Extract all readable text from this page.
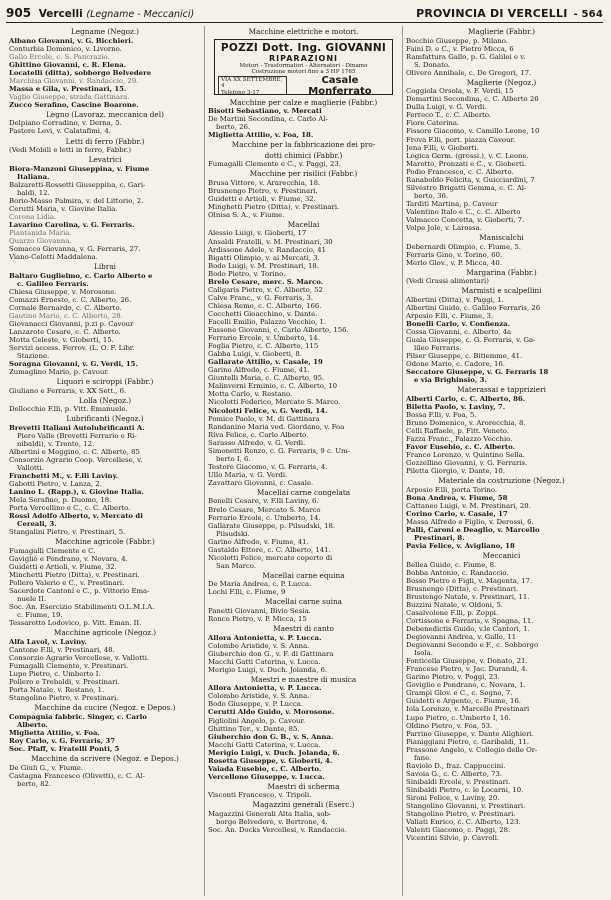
905 Vercelli (Legname - Meccanici)	PROVINCIA DI VERCELLI - 564
Legname (Negoz.)
Albano Giovanni, v. G. Bicchieri.
Conturbia Domenico, v. Livorno.
Gallo Ercole, c. S. Pancrazio.
Ghittino Giovanni, c. R. Elena.
Locatelli (ditta), sobborgo Belvedere
Marchisa Giovanni, v. Randaccio, 29.
Massa e Gila, v. Prestinari, 15.
Vaglio Giuseppe, strada Gattinara.
Zucco Serafino, Cascine Boarone.
Legno (Lavoraz. meccanica del)
Delpiano Corradino, v. Derna, 5.
Pastore Levi, v. Calatafimi, 4.
Letti di ferro (Fabbr.)
(Vedi Mobili e letti in ferro, Fabbr.)
Levatrici
Biora-Manzoni Giuseppina, v. Fiume
Italiana.
Balzaretti-Rossetti Giuseppina, c. Gari-
baldi, 12.
Borio-Masso Palmira, v. del Littorio, 2.
Cerutti Maria, v. Giovine Italia.
Corona Lidia.
Lavarino Carolina, v. G. Ferraris.
Piantanida Maria.
Quarzo Giovanna.
Somacco Giovanna, v. G. Ferraris, 27.
Viano-Celotti Maddalena.
Librai
Baltaro Guglielmo, c. Carlo Alberto e
c. Galileo Ferraris.
Chiesa Giuseppe, v. Morosone.
Comazzi Ernesto, c. C. Alberto, 26.
Cornale Bernardo, c. C. Alberto.
Gautino Mario, c. C. Alberto, 28.
Giovanacci Giovanni, p.zi p. Cavour
Lanzarote Cesare, c. C. Alberto.
Motta Celeste, v. Gioberti, 15.
Servizi access. Ferrov. (L. O. F. Libr.
Stazione.
Soragna Giovanni, v. G. Verdi, 15.
Zumaglino Mario, p. Cavour.
Liquori e sciroppi (Fabbr.)
Giuliano e Ferraris, v. XX Sett., 6.
Lolla (Negoz.)
Dellocchio F.lli, p. Vitt. Emanuele.
Lubrificanti (Negoz.)
Brevetti Italiani Autolubrificanti A.
Piero Valle (Brevetti Ferrario e Ri-
nibaldi), v. Trento, 12.
Albertini e Moggino, c. C. Alberto, 85
Consorzio Agrario Coop. Vercellese, v.
Vallotti.
Franchetti M., v. F.lli Laviny.
Gabotti Pietro, v. Lanza, 2.
Lanino L. (Rapp.), v. Giovine Italia.
Mela Serafino, p. Duomo, 18.
Porta Vercellino e C., c. C. Alberto.
Rossi Adolfo Alberto, v. Mercato di
Cereali, 3.
Stangalini Pietro, v. Prestinari, 5.
Macchine agricole (Fabbr.)
Fumagalli Clemente e C.
Gavigliò e Pondrano, v. Novara, 4.
Guidetti e Artioli, v. Fiume, 32.
Minchetti Pietro (Ditta), v. Prestinari.
Pollero Valerio e C., v. Prestinari.
Sacerdote Cantoni e C., p. Vittorio Ema-
nuele II.
Soc. An. Esercizio Stabilimenti O.L.M.I.A.
c. Fiume, 19.
Tessarotto Lodovico, p. Vitt. Eman. II.
Macchine agricole (Negoz.)
Alfa Lavol, v. Laviny.
Cantone F.lli, v. Prestinari, 48.
Consorzio Agrario Vercellese, v. Vallotti.
Fumagalli Clemente, v. Prestinari.
Lupo Pietro, c. Umberto I.
Pollero e Trebaldi, v. Prestinari.
Porta Natale, v. Restano, 1.
Stangolino Pietro, v. Prestinari.
Macchine da cucire (Negoz. e Depos.)
Compagnia fabbric. Singer, c. Carlo
Alberto.
Miglietta Attilio, v. Foa.
Roy Carlo, v. G. Ferraris, 37
Soc. Pfaff, v. Fratelli Ponti, 5
Macchine da scrivere (Negoz. e Depos.)
De Giuli G., v. Fiume.
Castagna Francesco (Olivetti), c. C. Al-
berto, 82.
Macchine elettriche e motori.
POZZI Dott. Ing. GIOVANNI
RIPARAZIONI
Motori - Trasformatori - Alternatori - Dinamo
Costruzione motori fino a 3 HP 1765
VIA XX SETTEMBRE, 4
Telefono 3-17
Casale Monferrato
Macchine per calze e maglierie (Fabbr.)
Bisotti Sebastiano, v. Mercati
De Martini Secondina, c. Carlo Al-
berto, 26.
Miglietta Attilio, v. Foa, 18.
Macchine per la fabbricazione dei pro-
dotti chimici (Fabbr.)
Fumagalli Clemente e C., v. Paggi, 23.
Macchine per risilici (Fabbr.)
Brusa Vittore, v. Ararecchia, 18.
Brusnengo Pietro, v. Prestinari.
Guidetti e Artioli, v. Fiume, 32.
Minghetti Pietro (Ditta), v. Prestinari.
Olnisa S. A., v. Fiume.
Macellai
Alessio Luigi, v. Gioberti, 17
Ansaldi Fratelli, v. M. Prestinari, 30
Ardissone Adele, v. Randaccio, 41
Bigatti Olimpio, v. ai Mercati, 3.
Bodo Luigi, v. M. Prestinari, 18.
Bodo Pietro, v. Torino.
Brelo Cesare, merc. S. Marco.
Caligaris Pietro, v. C. Alberto, 52
Calve Franc., v. G. Ferraris, 3.
Chiesa Remo, c. C. Alberto, 166.
Cocchetti Gioacchino, v. Dante.
Facelli Emilio, Palazzo Vecchio, 1.
Fassone Giovanni, c. Carlo Alberto, 156.
Ferrario Ercole, v. Umberto, 14.
Foglia Pietro, c. C. Alberto, 115
Gabba Luigi, v. Gioberti, 8.
Gallarate Attilio, v. Casale, 19
Garino Alfredo, c. Fiume, 41.
Giuntelli Maria, c. C. Alberto, 95.
Malinverni Erminio, c. C. Alberto, 10
Motta Carlo, v. Restano.
Nicolotti Federico, Mercato S. Marco.
Nicolotti Felice, v. G. Verdi, 14.
Pomice Paolo, v. M. di Gattinara
Randanino Maria ved. Giordano, v. Foa
Riva Felice, c. Carlo Alberto.
Sarasso Alfredo, v. G. Verdi.
Simonetti Renzo, c. G. Ferraris, 9 c. Um-
berto I, 6.
Testore Giacomo, v. G. Ferraris, 4.
Ullo Maria, v. G. Verdi.
Zavattaro Giovanni, c. Casale.
Macellai carne congelata
Bonelli Cesare, v. F.lli Laviny, 6.
Brelo Cesare, Mercato S. Marco
Ferrario Ercole, c. Umberto, 14.
Gallarate Giuseppe, p. Pilsudski, 18.
Pilsudski.
Garino Alfredo, v. Fiume, 41.
Gastaldo Ettore, c. C. Alberto, 141.
Nicolotti Felice, mercato coperto di
San Marco.
Macellai carne equina
De Maria Andrea, c. P. Lucca.
Lochi F.lli, c. Fiume, 9
Macellai carne suina
Panetti Giovanni, Bivio Sesia.
Ronco Pietro, v. P. Micca, 15
Maestri di canto
Allora Antonietta, v. P. Lucca.
Colombo Aristide, v. S. Anna.
Giuberchio don G., v. F. di Gattinara
Macchi Gatti Caterina, v. Lucca.
Merigio Luigi, v. Duch. Jolanda, 6.
Maestri e maestre di musica
Allora Antonietta, v. P. Lucca.
Colombo Aristide, v. S. Anna.
Bodo Giuseppe, v. P. Lucca.
Cerutti Aldo Guido, v. Morosone.
Figliolini Angelo, p. Cavour.
Ghittino Ter., v. Dante, 85.
Giuberchio don G. B., v. S. Anna.
Macchi Gatti Caterina, v. Lucca.
Merigio Luigi, v. Duch. Jolanda, 6.
Rosetta Giuseppe, v. Gioberti, 4.
Vaiada Eusebio, c. C. Alberto.
Vercellone Giuseppe, v. Lucca.
Maestri di scherma
Visconti Francesco, v. Tripoli.
Magazzini generali (Eserc.)
Magazzini Generali Alta Italia, sob-
borgo Belvedere, v. Bertrone, 4.
Soc. An. Docks Vercellesi, v. Randaccio.
Maglierie (Fabbr.)
Bocchio Giuseppe, p. Milano.
Faini D. e C., v. Pietro Micca, 6
Ramfattura Gallo, p. G. Galilei e v.
S. Donato.
Olivero Annibale, c. De Gregori, 17.
Maglierie (Negoz.)
Coggiola Orsola, v. F. Verdi, 15
Demartini Secondina, c. C. Alberto 26
Dulla Luigi, v. G. Verdi.
Ferreco T., c. C. Alberto.
Fiore Caterina.
Fissore Giacomo, v. Camillo Leone, 10
Frova F.lli, port. piazza Cavour.
Jena F.lli, v. Gioberti.
Logica Germ. (grossi.), v. C. Leone.
Marotto, Pronzati e C., v. Gioberti.
Podio Francesco, c. C. Alberto.
Ranaboldo Felicita, v. Guicciardini, 7
Silvestro Brigatti Gemma, c. C. Al-
berto, 36.
Tarditi Martina, p. Cavour
Valentino Italo e C., c. C. Alberto
Valmacco Concetta, v. Gioberti, 7.
Volpe Jole, v. Larossa.
Maniscalchi
Debernardi Olimpio, c. Fiume, 5.
Ferraris Gino, v. Torino, 60.
Merlo Glov., v. P. Micca, 40.
Margarina (Fabbr.)
(Vedi Grassi alimentari)
Marmisti e scalpellini
Albertini (Ditta), v. Paggi, 1.
Albertini Guido, c. Galileo Ferraris, 26
Arposio F.lli, c. Fiume, 3.
Bonelli Carlo, v. Confienza.
Cossa Giovanni, c. Alberto, 4a
Guala Giuseppe, c. G. Ferraris, v. Ga-
lileo Ferraris.
Pilser Giuseppe, c. Bitiemme, 41.
Odone Mario, c. Cadore, 16.
Seccatore Giuseppe, v. G. Ferraris 18
e via Brighinsio, 3.
Materassai e tapprizieri
Alberti Carlo, c. C. Alberto, 86.
Biletta Paolo, v. Laviny, 7.
Bossa F.lli, v. Foa, 5.
Bruno Domenico, v. Arorecchia, 8.
Celli Raffaele, p. Fitt. Veneto.
Fazza Franc., Palazzo Vecchio.
Favor Eusebio, c. C. Alberto.
Franco Lorenzo, v. Quintino Sella.
Gozzellino Giovanni, v. G. Ferraris.
Piletta Giorgio, v. Dante, 10.
Materiale da costruzione (Negoz.)
Arposio F.lli, porta Torino.
Bona Andrea, v. Fiume, 58
Cattaneo Luigi, v. M. Prestinari, 20.
Corino Carlo, v. Casale, 17
Massa Alfredo e Figlio, v. Derossi, 6.
Palli, Caroni e Deaglio, v. Marcello
Prestinari, 8.
Pavia Felice, v. Avigliano, 18
Meccanici
Bellea Guido, c. Fiume, 8.
Bobba Antonio, c. Randaccio.
Bosso Pietro e Figli, v. Magenta, 17.
Brusnengo (Ditta), c. Prestinari.
Brustengo Natale, v. Prestinari, 11.
Buzzini Natale, v. Oldoni, 5.
Casalvolone F.lli, p. Zoppi.
Cortissone e Ferraris, v. Spagna, 11.
Debenedictis Guido, v.le Cantori, 1.
Degiovanni Andrea, v. Gallo, 11
Degiovanni Secondo e F., c. Sobborgo
Isola.
Fonticella Giuseppe, v. Donato, 21.
Francese Pietro, v. Jac. Durandi, 4.
Garino Pietro, v. Poggi, 23.
Goviglio e Pondrano, c. Novara, 1.
Grampi Glov. e C., c. Sogno, 7.
Guidetti e Argento, c. Fiume, 16.
Iola Lorenzo, v. Marcello Prestinari
Lupo Pietro, c. Umberto I, 16.
Oldino Pietro, v. Foa, 53.
Parrino Giuseppe, v. Dante Alighieri.
Pianiggiani Pietro, c. Garibaldi, 11.
Prassone Angelo, v. Collegio delle Or-
fane.
Raviolo D., fraz. Cappuccini.
Savoia G., c. C. Alberto, 73.
Sinibaldi Ercole, v. Prestinari.
Sinibaldi Pietro, c. le Locarni, 10.
Sironi Felice, v. Laviny, 20.
Stangolino Giovanni, v. Prestinari.
Stangolino Pietro, v. Prestinari.
Valiati Enrico, c. C. Alberto, 123.
Valenti Giacomo, c. Paggi, 28.
Vicentini Silvio, p. Cavroll.
